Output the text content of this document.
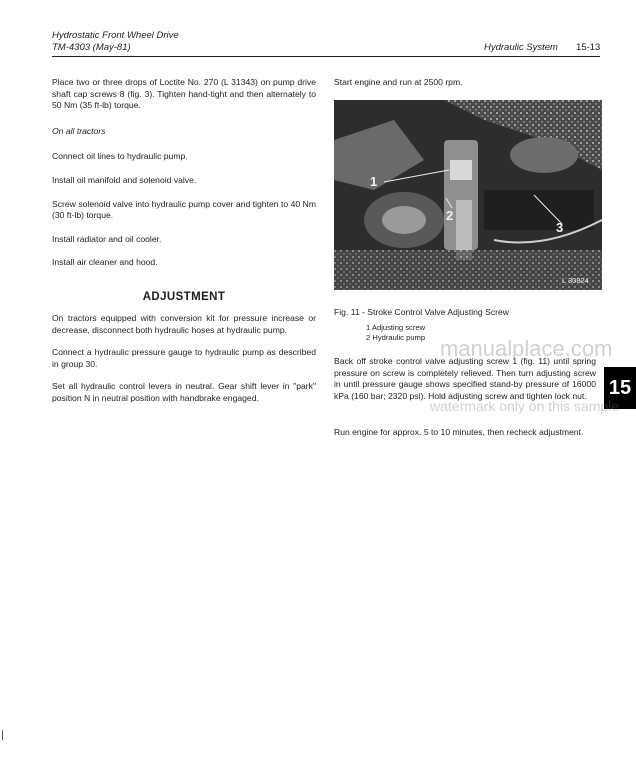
Hydrostatic Front Wheel Drive
TM-4303 (May-81)	Hydraulic System 15-13

Place two or three drops of Loctite No. 270 (L 31343) on pump drive shaft cap screws 8 (fig. 3). Tighten hand-tight and then alternately to 50 Nm (35 ft-lb) torque.

On all tractors

Connect oil lines to hydraulic pump.

Install oil manifold and solenoid valve.

Screw solenoid valve into hydraulic pump cover and tighten to 40 Nm (30 ft-lb) torque.

Install radiator and oil cooler.

Install air cleaner and hood.

ADJUSTMENT

On tractors equipped with conversion kit for pressure increase or decrease, disconnect both hydraulic hoses at hydraulic pump.

Connect a hydraulic pressure gauge to hydraulic pump as described in group 30.

Set all hydraulic control levers in neutral. Gear shift lever in "park" position N in neutral position with handbrake engaged.

Start engine and run at 2500 rpm.

1
2
3
L 30824
Fig. 11 - Stroke Control Valve Adjusting Screw
1 Adjusting screw
2 Hydraulic pump

Back off stroke control valve adjusting screw 1 (fig. 11) until spring pressure on screw is completely relieved. Then turn adjusting screw in until pressure gauge shows specified stand-by pressure of 16000 kPa (160 bar; 2320 psi). Hold adjusting screw and tighten lock nut.

Run engine for approx. 5 to 10 minutes, then recheck adjustment.

15
manualplace.com
watermark only on this sample
